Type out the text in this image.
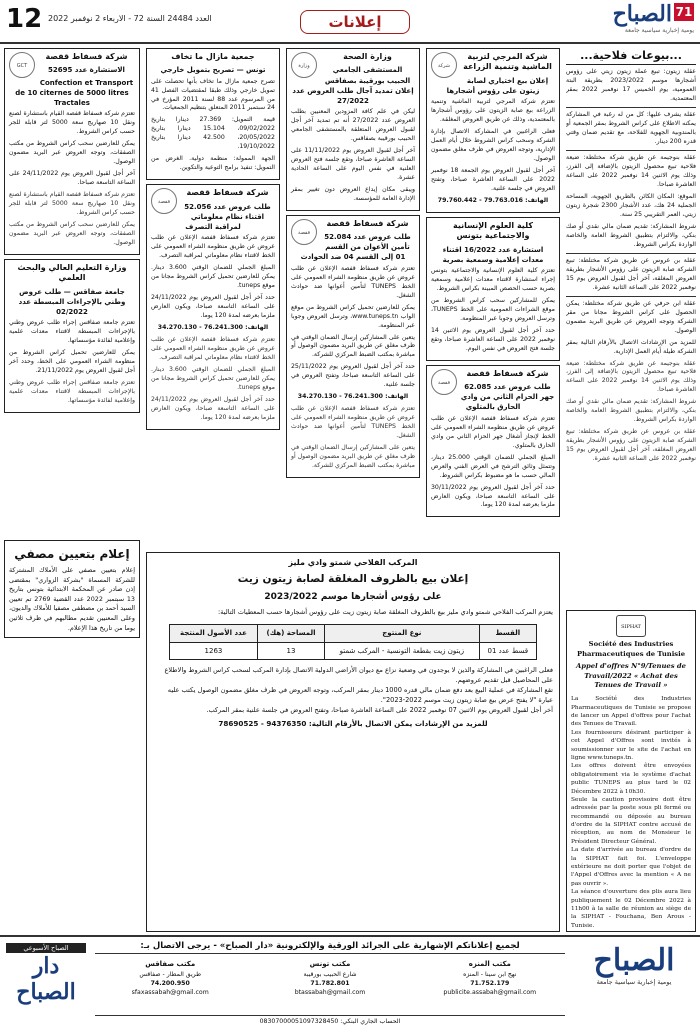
12 العدد 24484 السنة 72 - الاربعاء 2 نوفمبر 2022	إعلانات
71
الصباح
يومية إخبارية سياسية جامعة
...بيوعات فلاحية...

عقلة زيتون: تبيع عملة زيتون زيتي على رؤوس أشجارها موسم 2023/2022 بطريقة البتة العمومية، يوم الخميس 17 نوفمبر 2022 بمقر المعتمدية.

عقلة يشرف عليها: كل من له رغبة في المشاركة يمكنه الاطلاع على كراس الشروط بمقر الجمعية أو بالمندوبية الجهوية للفلاحة، مع تقديم ضمان وقتي قدره 200 دينار.

عقلة بنوجيمة عن طريق شركة مختلطة: ضيعة فلاحية تبيع محصول الزيتون بالإضافة إلى الفرز، وذلك يوم الاثنين 14 نوفمبر 2022 على الساعة العاشرة صباحا.

الموقع: المكان الكائن بالطريق الجهوية، المساحة الجملية 24 هك، عدد الأشجار 2300 شجرة زيتون زيتي، العمر التقريبي 25 سنة.

شروط المشاركة: تقديم ضمان مالي نقدي أو صك بنكي، والالتزام بتطبيق الشروط العامة والخاصة الواردة بكراس الشروط.

عقلة بن عروس عن طريق شركة مختلطة: تبيع الشركة صابة الزيتون على رؤوس الأشجار بطريقة العروض المغلقة، آخر أجل لقبول العروض يوم 15 نوفمبر 2022 على الساعة الثانية عشرة.

عقلة ابن حرفي عن طريق شركة مختلطة: يمكن الحصول على كراس الشروط مجانا من مقر الشركة وتوجه العروض عن طريق البريد مضمون الوصول.

للمزيد من الإرشادات الاتصال بالأرقام التالية بمقر الشركة طيلة أيام العمل الإدارية.

عقلة بنوجيمة عن طريق شركة مختلطة: ضيعة فلاحية تبيع محصول الزيتون بالإضافة إلى الفرز، وذلك يوم الاثنين 14 نوفمبر 2022 على الساعة العاشرة صباحا.

شروط المشاركة: تقديم ضمان مالي نقدي أو صك بنكي، والالتزام بتطبيق الشروط العامة والخاصة الواردة بكراس الشروط.

عقلة بن عروس عن طريق شركة مختلطة: تبيع الشركة صابة الزيتون على رؤوس الأشجار بطريقة العروض المغلقة، آخر أجل لقبول العروض يوم 15 نوفمبر 2022 على الساعة الثانية عشرة.

شركة
شركة المرجي لتربية الماشية وتنمية الزراعة
إعلان بيع اختياري لصابة زيتون على رؤوس أشجارها

تعتزم شركة المرجي لتربية الماشية وتنمية الزراعة بيع صابة الزيتون على رؤوس أشجارها بالمعتمدية، وذلك عن طريق العروض المغلقة.

فعلى الراغبين في المشاركة الاتصال بإدارة الشركة وسحب كراس الشروط خلال أيام العمل الإدارية، وتوجه العروض في ظرف مغلق مضمون الوصول.

آخر أجل لقبول العروض يوم الجمعة 18 نوفمبر 2022 على الساعة العاشرة صباحا، وتفتح العروض في جلسة علنية.

الهاتف: 79.763.016 - 79.760.442

كلية العلوم الإنسانية والاجتماعية بتونس
استشارة عدد 16/2022 اقتناء معدات إعلامية وسمعية بصرية

تعتزم كلية العلوم الإنسانية والاجتماعية بتونس إجراء استشارة لاقتناء معدات إعلامية وسمعية بصرية حسب الحصص المبينة بكراس الشروط.

يمكن للمشاركين سحب كراس الشروط من موقع الشراءات العمومية على الخط TUNEPS، وترسل العروض وجوبا عبر المنظومة.

حدد آخر أجل لقبول العروض يوم الاثنين 14 نوفمبر 2022 على الساعة العاشرة صباحا، وتقع جلسة فتح العروض في نفس اليوم.

قفصة
شركة فسفاط قفصة
طلب عروض عدد 62.085 جهر الحزام الثاني من وادي الحارق بالمتلوي

تعتزم شركة فسفاط قفصة الإعلان عن طلب عروض عن طريق منظومة الشراء العمومي على الخط لإنجاز أشغال جهر الحزام الثاني من وادي الحارق بالمتلوي.

المبلغ الجملي للضمان الوقتي 25.000 دينار، وتتمثل وثائق الترشح في العرض الفني والعرض المالي حسب ما هو مضبوط بكراس الشروط.

حدد آخر أجل لقبول العروض يوم 30/11/2022 على الساعة التاسعة صباحا، ويكون العارض ملزما بعرضه لمدة 120 يوما.

وزارة
وزارة الصحة
المستشفى الجامعي الحبيب بورقيبة بصفاقس إعلان تمديد آجال طلب العروض عدد 27/2022

ليكن في علم كافة المزودين المعنيين بطلب العروض عدد 27/2022 أنه تم تمديد آخر أجل لقبول العروض المتعلقة بالمستشفى الجامعي الحبيب بورقيبة بصفاقس.

آخر أجل لقبول العروض يوم 11/11/2022 على الساعة العاشرة صباحا، وتقع جلسة فتح العروض العلنية في نفس اليوم على الساعة الحادية عشرة.

ويبقى مكان إيداع العروض دون تغيير بمقر الإدارة العامة للمؤسسة.

قفصة
شركة فسفاط قفصة
طلب عروض عدد 52.084 تأمين الأعوان من القسم 01 إلى القسم 04 ضد الحوادث

تعتزم شركة فسفاط قفصة الإعلان عن طلب عروض عن طريق منظومة الشراء العمومي على الخط TUNEPS لتأمين أعوانها ضد حوادث الشغل.

يمكن للعارضين تحميل كراس الشروط من موقع الواب www.tuneps.tn، وترسل العروض وجوبا عبر المنظومة.

يتعين على المشاركين إرسال الضمان الوقتي في ظرف مغلق عن طريق البريد مضمون الوصول أو مباشرة بمكتب الضبط المركزي للشركة.

حدد آخر أجل لقبول العروض يوم 25/11/2022 على الساعة التاسعة صباحا، وتفتح العروض في جلسة علنية.

الهاتف: 76.241.300 - 34.270.130

تعتزم شركة فسفاط قفصة الإعلان عن طلب عروض عن طريق منظومة الشراء العمومي على الخط TUNEPS لتأمين أعوانها ضد حوادث الشغل.

يتعين على المشاركين إرسال الضمان الوقتي في ظرف مغلق عن طريق البريد مضمون الوصول أو مباشرة بمكتب الضبط المركزي للشركة.

جمعية مازال ما تخاف
تونس — تصريح بتمويل خارجي

تصرح جمعية مازال ما تخاف بأنها تحصلت على تمويل خارجي وذلك طبقا لمقتضيات الفصل 41 من المرسوم عدد 88 لسنة 2011 المؤرخ في 24 سبتمبر 2011 المتعلق بتنظيم الجمعيات.

قيمة التمويل: 27.369 دينارا بتاريخ 09/02/2022، 15.104 دينارا بتاريخ 20/05/2022، 42.500 دينارا بتاريخ 19/10/2022.

الجهة الممولة: منظمة دولية. الغرض من التمويل: تنفيذ برامج التوعية والتكوين.

قفصة
شركة فسفاط قفصة
طلب عروض عدد 52.056 اقتناء نظام معلوماتي لمراقبة التصرف

تعتزم شركة فسفاط قفصة الإعلان عن طلب عروض عن طريق منظومة الشراء العمومي على الخط لاقتناء نظام معلوماتي لمراقبة التصرف.

المبلغ الجملي للضمان الوقتي 3.600 دينار. يمكن للعارضين تحميل كراس الشروط مجانا من موقع tuneps.

حدد آخر أجل لقبول العروض يوم 24/11/2022 على الساعة التاسعة صباحا، ويكون العارض ملزما بعرضه لمدة 120 يوما.

الهاتف: 76.241.300 - 34.270.130

تعتزم شركة فسفاط قفصة الإعلان عن طلب عروض عن طريق منظومة الشراء العمومي على الخط لاقتناء نظام معلوماتي لمراقبة التصرف.

المبلغ الجملي للضمان الوقتي 3.600 دينار. يمكن للعارضين تحميل كراس الشروط مجانا من موقع tuneps.

حدد آخر أجل لقبول العروض يوم 24/11/2022 على الساعة التاسعة صباحا، ويكون العارض ملزما بعرضه لمدة 120 يوما.

GCT
شركة فسفاط قفصة
الاستشارة عدد 52695
Confection et Transport de 10 citernes de 5000 litres Tractales

تعتزم شركة فسفاط قفصة القيام باستشارة لصنع ونقل 10 صهاريج سعة 5000 لتر قابلة للجر حسب كراس الشروط.

يمكن للعارضين سحب كراس الشروط من مكتب الصفقات، وتوجه العروض عبر البريد مضمون الوصول.

آخر أجل لقبول العروض يوم 24/11/2022 على الساعة التاسعة صباحا.

تعتزم شركة فسفاط قفصة القيام باستشارة لصنع ونقل 10 صهاريج سعة 5000 لتر قابلة للجر حسب كراس الشروط.

يمكن للعارضين سحب كراس الشروط من مكتب الصفقات، وتوجه العروض عبر البريد مضمون الوصول.

وزارة التعليم العالي والبحث العلمي
جامعة صفاقس — طلب عروض وطني بالإجراءات المبسطة عدد 02/2022

تعتزم جامعة صفاقس إجراء طلب عروض وطني بالإجراءات المبسطة لاقتناء معدات علمية وإعلامية لفائدة مؤسساتها.

يمكن للعارضين تحميل كراس الشروط من منظومة الشراء العمومي على الخط، وحدد آخر أجل لقبول العروض يوم 21/11/2022.

تعتزم جامعة صفاقس إجراء طلب عروض وطني بالإجراءات المبسطة لاقتناء معدات علمية وإعلامية لفائدة مؤسساتها.

إعلام بتعيين مصفي

إعلام بتعيين مصفي على الأملاك المشتركة للشركة المسماة "بشركة الزواري" بمقتضى إذن صادر عن المحكمة الابتدائية بتونس بتاريخ 13 سبتمبر 2022 عدد القضية 2769 تم تعيين السيد أحمد بن مصطفى مصفيا للأملاك والديون، وعلى المعنيين تقديم مطالبهم في ظرف ثلاثين يوما من تاريخ هذا الإعلام.

المركب الفلاحي شمتو وادي مليز
إعلان بيع بالظروف المغلقة لصابة زيتون زيت
على رؤوس أشجارها موسم 2023/2022

يعتزم المركب الفلاحي شمتو وادي مليز بيع بالظروف المغلقة صابة زيتون زيت على رؤوس أشجارها حسب المعطيات التالية:

القسط	نوع المنتوج	المساحة (هك)	عدد الأصول المنتجة
قسط عدد 01	زيتون زيت بقطعة التونسية - المركب شمتو	13	1263

فعلى الراغبين في المشاركة والذين لا يوجدون في وضعية نزاع مع ديوان الأراضي الدولية الاتصال بإدارة المركب لسحب كراس الشروط والاطلاع على المحاصيل قبل تقديم عروضهم.

تقع المشاركة في عملية البيع بعد دفع ضمان مالي قدره 1000 دينار بمقر المركب، وتوجه العروض في ظرف مغلق مضمون الوصول يكتب عليه عبارة "لا يفتح عرض بيع صابة زيتون زيت موسم 2022-2023".

آخر أجل لقبول العروض يوم الاثنين 07 نوفمبر 2022 على الساعة العاشرة صباحا، وتفتح العروض في جلسة علنية بمقر المركب.

للمزيد من الإرشادات يمكن الاتصال بالأرقام التالية: 94376350 - 78690525
SIPHAT
Société des Industries Pharmaceutiques de Tunisie
Appel d'offres N°9/Tenues de Travail/2022 « Achat des Tenues de Travail »

La Société des Industries Pharmaceutiques de Tunisie se propose de lancer un Appel d'offres pour l'achat des Tenues de Travail.

Les fournisseurs désirant participer à cet Appel d'Offres sont invités à soumissionner sur le site de l'achat en ligne www.tuneps.tn.

Les offres doivent être envoyées obligatoirement via le système d'achat public TUNEPS au plus tard le 02 Décembre 2022 à 10h30.

Seule la caution provisoire doit être adressée par la poste sous pli fermé ou recommandé ou déposée au bureau d'ordre de la SIPHAT contre accusé de réception, au nom de Monsieur le Président Directeur Général.

La date d'arrivée au bureau d'ordre de la SIPHAT fait foi. L'enveloppe extérieure ne doit porter que l'objet de l'Appel d'Offres avec la mention « A ne pas ouvrir ».

La séance d'ouverture des plis aura lieu publiquement le 02 Décembre 2022 à 11h00 à la salle de réunion au siège de la SIPHAT - Fouchana, Ben Arous - Tunisie.

الصباح
يومية إخبارية سياسية جامعة
لجميع إعلاناتكم الإشهارية على الجرائد الورقية والإلكترونية «دار الصباح» - يرجى الاتصال بـ:
مكتب المنزه
نهج ابن سينا - المنزه
71.752.179
publicite.assabah@gmail.com
مكتب تونس
شارع الحبيب بورقيبة
71.782.801
btassabah@gmail.com
مكتب صفاقس
طريق المطار - صفاقس
74.200.950
sfaxassabah@gmail.com
الحساب الجاري البنكي: 08307000051097328450
الصباح الأسبوعي
دار الصباح
